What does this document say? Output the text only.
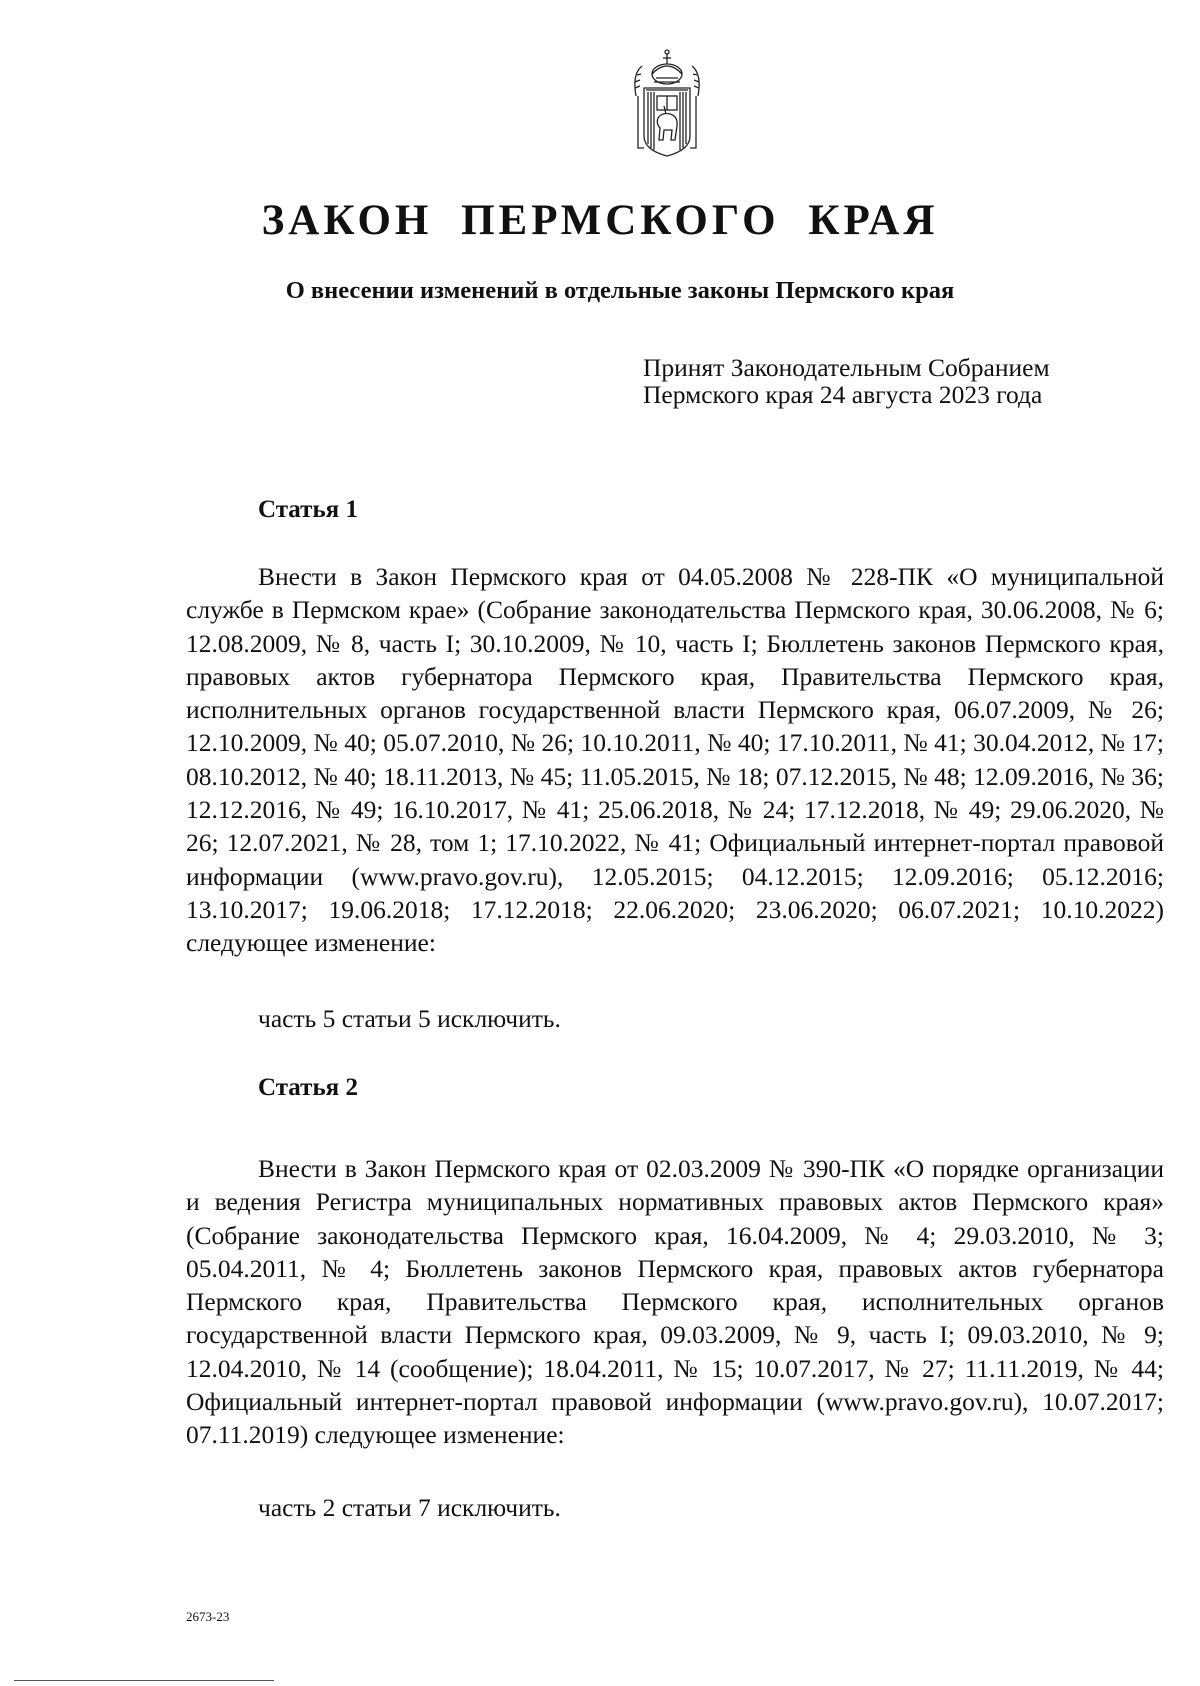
ЗАКОН ПЕРМСКОГО КРАЯ
О внесении изменений в отдельные законы Пермского края
Принят Законодательным Собранием
Пермского края 24 августа 2023 года
Статья 1

Внести в Закон Пермского края от 04.05.2008 № 228-ПК «О муниципальной службе в Пермском крае» (Собрание законодательства Пермского края, 30.06.2008, № 6; 12.08.2009, № 8, часть I; 30.10.2009, № 10, часть I; Бюллетень законов Пермского края, правовых актов губернатора Пермского края, Правительства Пермского края, исполнительных органов государственной власти Пермского края, 06.07.2009, № 26; 12.10.2009, № 40; 05.07.2010, № 26; 10.10.2011, № 40; 17.10.2011, № 41; 30.04.2012, № 17; 08.10.2012, № 40; 18.11.2013, № 45; 11.05.2015, № 18; 07.12.2015, № 48; 12.09.2016, № 36; 12.12.2016, № 49; 16.10.2017, № 41; 25.06.2018, № 24; 17.12.2018, № 49; 29.06.2020, № 26; 12.07.2021, № 28, том 1; 17.10.2022, № 41; Официальный интернет-портал правовой информации (www.pravo.gov.ru), 12.05.2015; 04.12.2015; 12.09.2016; 05.12.2016; 13.10.2017; 19.06.2018; 17.12.2018; 22.06.2020; 23.06.2020; 06.07.2021; 10.10.2022) следующее изменение:

часть 5 статьи 5 исключить.
Статья 2

Внести в Закон Пермского края от 02.03.2009 № 390-ПК «О порядке организации и ведения Регистра муниципальных нормативных правовых актов Пермского края» (Собрание законодательства Пермского края, 16.04.2009, № 4; 29.03.2010, № 3; 05.04.2011, № 4; Бюллетень законов Пермского края, правовых актов губернатора Пермского края, Правительства Пермского края, исполнительных органов государственной власти Пермского края, 09.03.2009, № 9, часть I; 09.03.2010, № 9; 12.04.2010, № 14 (сообщение); 18.04.2011, № 15; 10.07.2017, № 27; 11.11.2019, № 44; Официальный интернет-портал правовой информации (www.pravo.gov.ru), 10.07.2017; 07.11.2019) следующее изменение:

часть 2 статьи 7 исключить.
2673-23
